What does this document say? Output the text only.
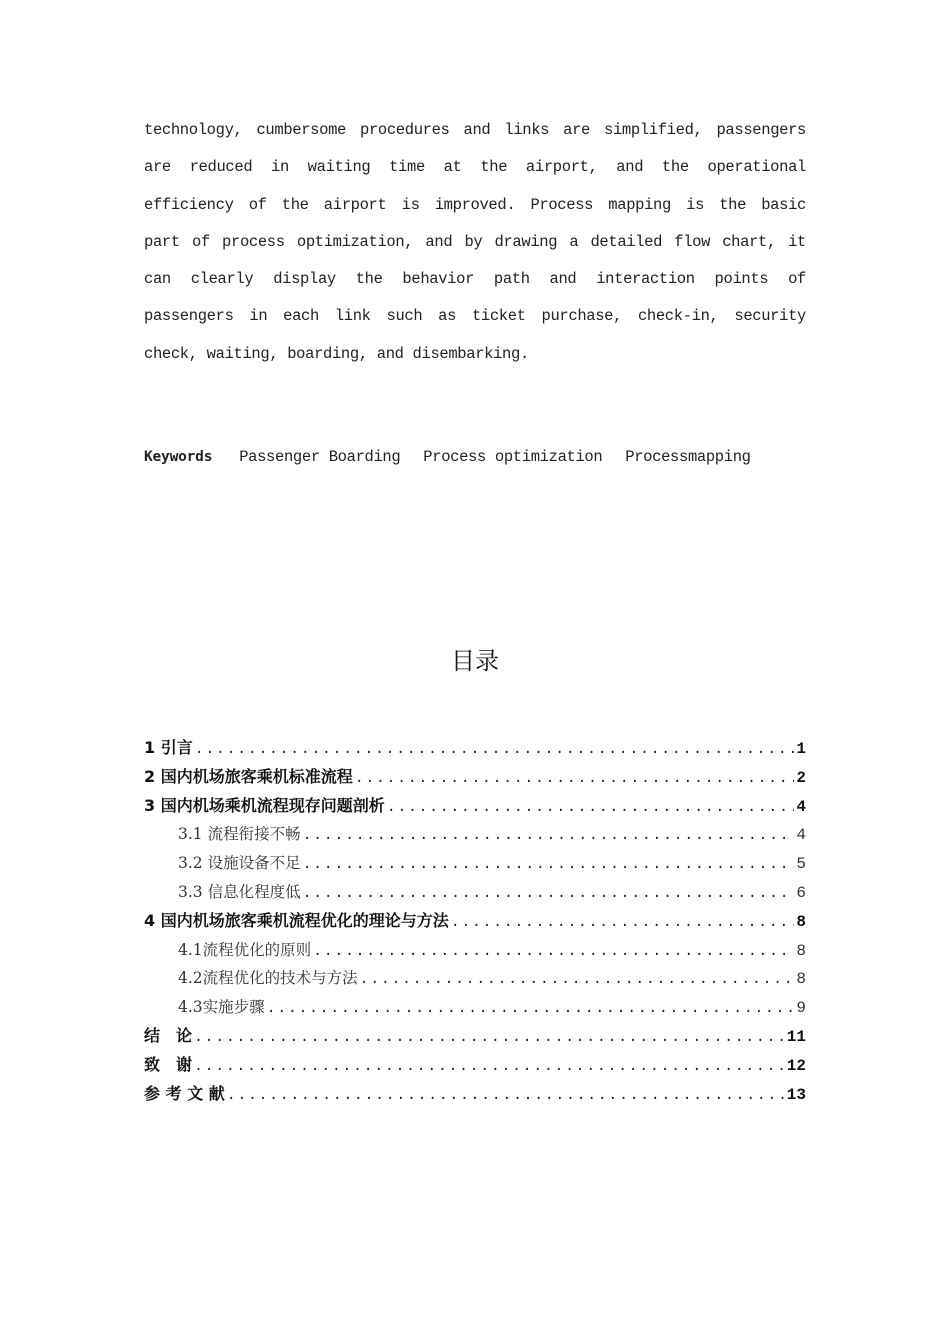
technology, cumbersome procedures and links are simplified, passengers
are reduced in waiting time at the airport, and the operational
efficiency of the airport is improved. Process mapping is the basic
part of process optimization, and by drawing a detailed flow chart, it
can clearly display the behavior path and interaction points of
passengers in each link such as ticket purchase, check-in, security
check, waiting, boarding, and disembarking.

Keywords Passenger Boarding Process optimization Processmapping
目录
1 引言 .....	1
2 国内机场旅客乘机标准流程 .....	2
3 国内机场乘机流程现存问题剖析 .....	4
3.1 流程衔接不畅 .....	4
3.2 设施设备不足 .....	5
3.3 信息化程度低 .....	6
4 国内机场旅客乘机流程优化的理论与方法 .....	8
4.1流程优化的原则 .....	8
4.2流程优化的技术与方法 .....	8
4.3实施步骤 .....	9
结　论 .....	11
致　谢 .....	12
参 考 文 献 .....	13
